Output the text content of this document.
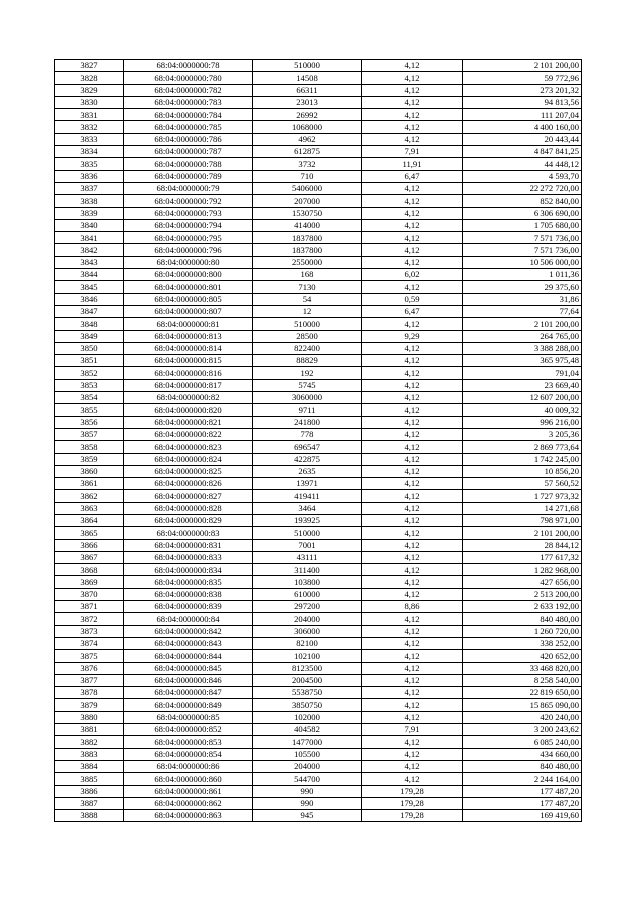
3827	68:04:0000000:78	510000	4,12	2 101 200,00
3828	68:04:0000000:780	14508	4,12	59 772,96
3829	68:04:0000000:782	66311	4,12	273 201,32
3830	68:04:0000000:783	23013	4,12	94 813,56
3831	68:04:0000000:784	26992	4,12	111 207,04
3832	68:04:0000000:785	1068000	4,12	4 400 160,00
3833	68:04:0000000:786	4962	4,12	20 443,44
3834	68:04:0000000:787	612875	7,91	4 847 841,25
3835	68:04:0000000:788	3732	11,91	44 448,12
3836	68:04:0000000:789	710	6,47	4 593,70
3837	68:04:0000000:79	5406000	4,12	22 272 720,00
3838	68:04:0000000:792	207000	4,12	852 840,00
3839	68:04:0000000:793	1530750	4,12	6 306 690,00
3840	68:04:0000000:794	414000	4,12	1 705 680,00
3841	68:04:0000000:795	1837800	4,12	7 571 736,00
3842	68:04:0000000:796	1837800	4,12	7 571 736,00
3843	68:04:0000000:80	2550000	4,12	10 506 000,00
3844	68:04:0000000:800	168	6,02	1 011,36
3845	68:04:0000000:801	7130	4,12	29 375,60
3846	68:04:0000000:805	54	0,59	31,86
3847	68:04:0000000:807	12	6,47	77,64
3848	68:04:0000000:81	510000	4,12	2 101 200,00
3849	68:04:0000000:813	28500	9,29	264 765,00
3850	68:04:0000000:814	822400	4,12	3 388 288,00
3851	68:04:0000000:815	88829	4,12	365 975,48
3852	68:04:0000000:816	192	4,12	791,04
3853	68:04:0000000:817	5745	4,12	23 669,40
3854	68:04:0000000:82	3060000	4,12	12 607 200,00
3855	68:04:0000000:820	9711	4,12	40 009,32
3856	68:04:0000000:821	241800	4,12	996 216,00
3857	68:04:0000000:822	778	4,12	3 205,36
3858	68:04:0000000:823	696547	4,12	2 869 773,64
3859	68:04:0000000:824	422875	4,12	1 742 245,00
3860	68:04:0000000:825	2635	4,12	10 856,20
3861	68:04:0000000:826	13971	4,12	57 560,52
3862	68:04:0000000:827	419411	4,12	1 727 973,32
3863	68:04:0000000:828	3464	4,12	14 271,68
3864	68:04:0000000:829	193925	4,12	798 971,00
3865	68:04:0000000:83	510000	4,12	2 101 200,00
3866	68:04:0000000:831	7001	4,12	28 844,12
3867	68:04:0000000:833	43111	4,12	177 617,32
3868	68:04:0000000:834	311400	4,12	1 282 968,00
3869	68:04:0000000:835	103800	4,12	427 656,00
3870	68:04:0000000:838	610000	4,12	2 513 200,00
3871	68:04:0000000:839	297200	8,86	2 633 192,00
3872	68:04:0000000:84	204000	4,12	840 480,00
3873	68:04:0000000:842	306000	4,12	1 260 720,00
3874	68:04:0000000:843	82100	4,12	338 252,00
3875	68:04:0000000:844	102100	4,12	420 652,00
3876	68:04:0000000:845	8123500	4,12	33 468 820,00
3877	68:04:0000000:846	2004500	4,12	8 258 540,00
3878	68:04:0000000:847	5538750	4,12	22 819 650,00
3879	68:04:0000000:849	3850750	4,12	15 865 090,00
3880	68:04:0000000:85	102000	4,12	420 240,00
3881	68:04:0000000:852	404582	7,91	3 200 243,62
3882	68:04:0000000:853	1477000	4,12	6 085 240,00
3883	68:04:0000000:854	105500	4,12	434 660,00
3884	68:04:0000000:86	204000	4,12	840 480,00
3885	68:04:0000000:860	544700	4,12	2 244 164,00
3886	68:04:0000000:861	990	179,28	177 487,20
3887	68:04:0000000:862	990	179,28	177 487,20
3888	68:04:0000000:863	945	179,28	169 419,60
